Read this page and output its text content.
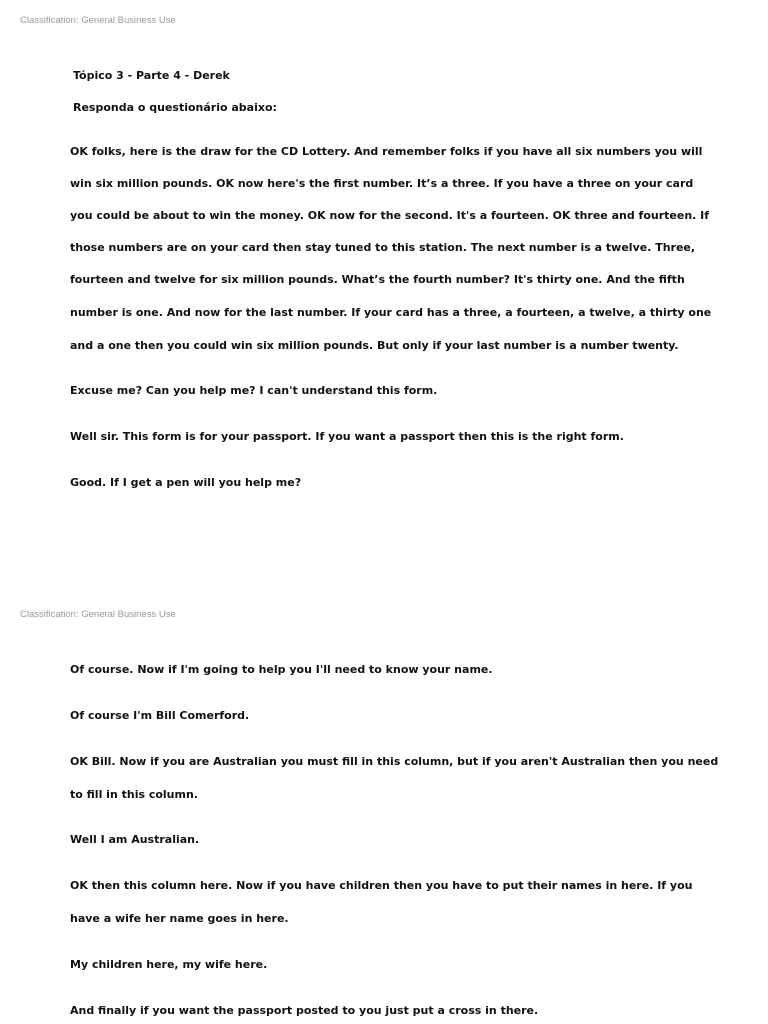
Classification: General Business Use
Tópico 3 - Parte 4 - Derek
Responda o questionário abaixo:
OK folks, here is the draw for the CD Lottery. And remember folks if you have all six numbers you will
win six million pounds. OK now here's the first number. It’s a three. If you have a three on your card
you could be about to win the money. OK now for the second. It's a fourteen. OK three and fourteen. If
those numbers are on your card then stay tuned to this station. The next number is a twelve. Three,
fourteen and twelve for six million pounds. What’s the fourth number? It's thirty one. And the fifth
number is one. And now for the last number. If your card has a three, a fourteen, a twelve, a thirty one
and a one then you could win six million pounds. But only if your last number is a number twenty.
Excuse me? Can you help me? I can't understand this form.
Well sir. This form is for your passport. If you want a passport then this is the right form.
Good. If I get a pen will you help me?
Classification: General Business Use
Of course. Now if I'm going to help you I'll need to know your name.
Of course I'm Bill Comerford.
OK Bill. Now if you are Australian you must fill in this column, but if you aren't Australian then you need
to fill in this column.
Well I am Australian.
OK then this column here. Now if you have children then you have to put their names in here. If you
have a wife her name goes in here.
My children here, my wife here.
And finally if you want the passport posted to you just put a cross in there.
